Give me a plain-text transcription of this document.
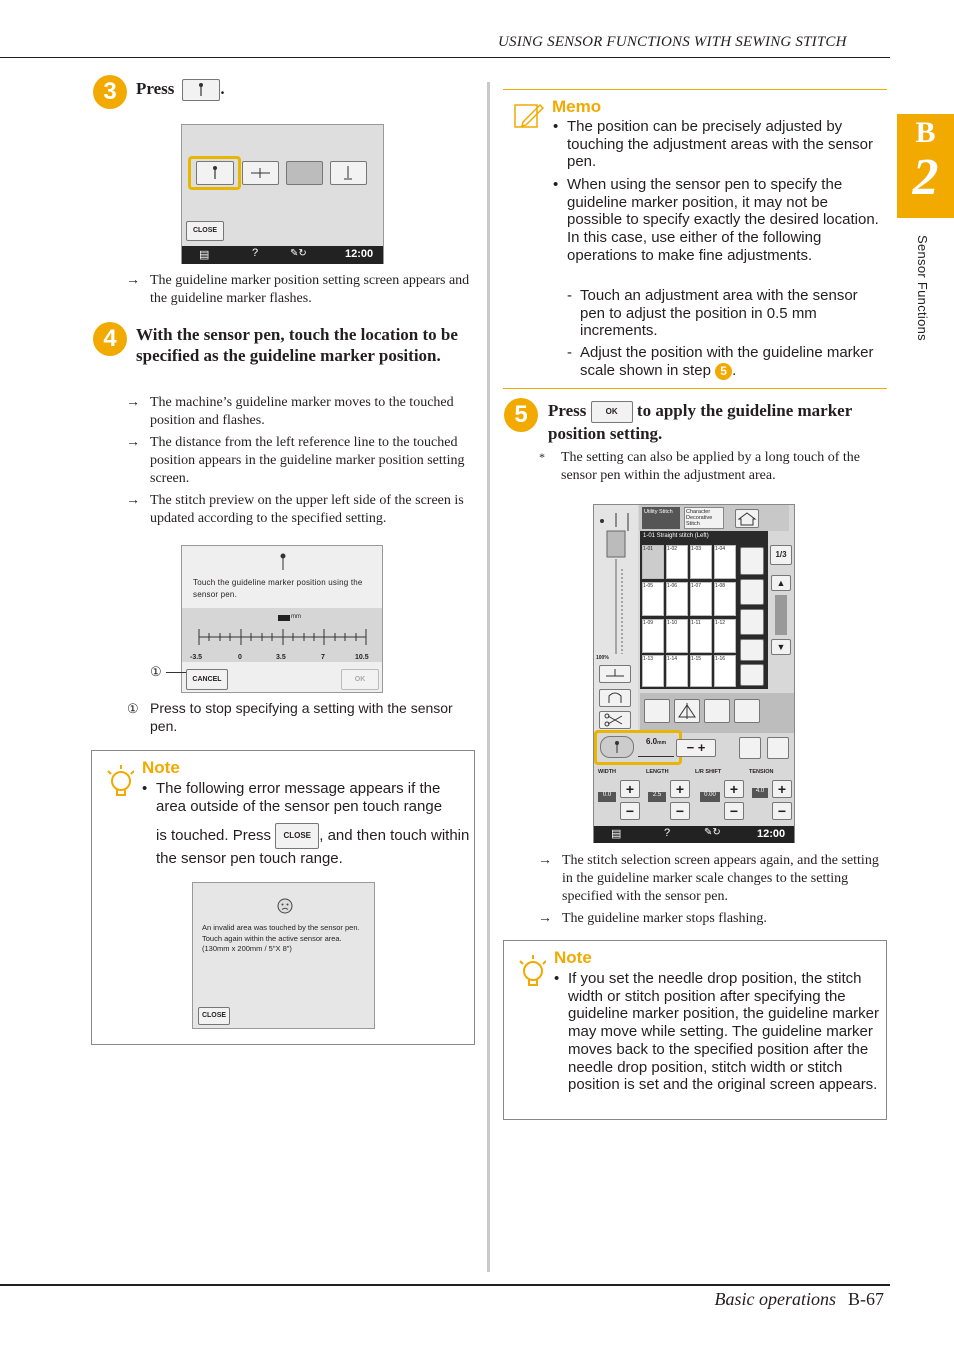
USING SENSOR FUNCTIONS WITH SEWING STITCH
Basic operations B-67
B
2
Sensor Functions
3	Press	.
CLOSE
▤	?	✎↻	12:00
→ The guideline marker position setting screen appears and the guideline marker flashes.
4	With the sensor pen, touch the location to be specified as the guideline marker position.
→ The machine’s guideline marker moves to the touched position and flashes.
→ The distance from the left reference line to the touched position appears in the guideline marker position setting screen.
→ The stitch preview on the upper left side of the screen is updated according to the specified setting.
Touch the guideline marker position using the sensor pen.
mm
-3.5	0	3.5	7	10.5
CANCEL	OK
①
① Press to stop specifying a setting with the sensor pen.
Note
• The following error message appears if the area outside of the sensor pen touch range
is touched. Press CLOSE , and then touch within the sensor pen touch range.
An invalid area was touched by the sensor pen. Touch again within the active sensor area. (130mm x 200mm / 5"X 8")
CLOSE
Memo
• The position can be precisely adjusted by touching the adjustment areas with the sensor pen.
• When using the sensor pen to specify the guideline marker position, it may not be possible to specify exactly the desired location. In this case, use either of the following operations to make fine adjustments.
- Touch an adjustment area with the sensor pen to adjust the position in 0.5 mm increments.
- Adjust the position with the guideline marker scale shown in step 5 .
5	Press OK to apply the guideline marker position setting.
* The setting can also be applied by a long touch of the sensor pen within the adjustment area.
Utility Stitch	Character Decorative Stitch
100%
1-01 Straight stitch (Left)
1-01	1-02	1-03	1-04
1-05	1-06	1-07	1-08
1-09	1-10	1-11	1-12
1-13	1-14	1-15	1-16
1/3
▲
▼
6.0mm	− +
WIDTH	LENGTH	L/R SHIFT	TENSION
0.0	+
−
2.5	+
−
0.00	+
−
4.0 +
−
▤	?	✎↻	12:00
→ The stitch selection screen appears again, and the setting in the guideline marker scale changes to the setting specified with the sensor pen.
→ The guideline marker stops flashing.
Note
• If you set the needle drop position, the stitch width or stitch position after specifying the guideline marker position, the guideline marker may move while setting. The guideline marker moves back to the specified position after the needle drop position, stitch width or stitch position is set and the original screen appears.
